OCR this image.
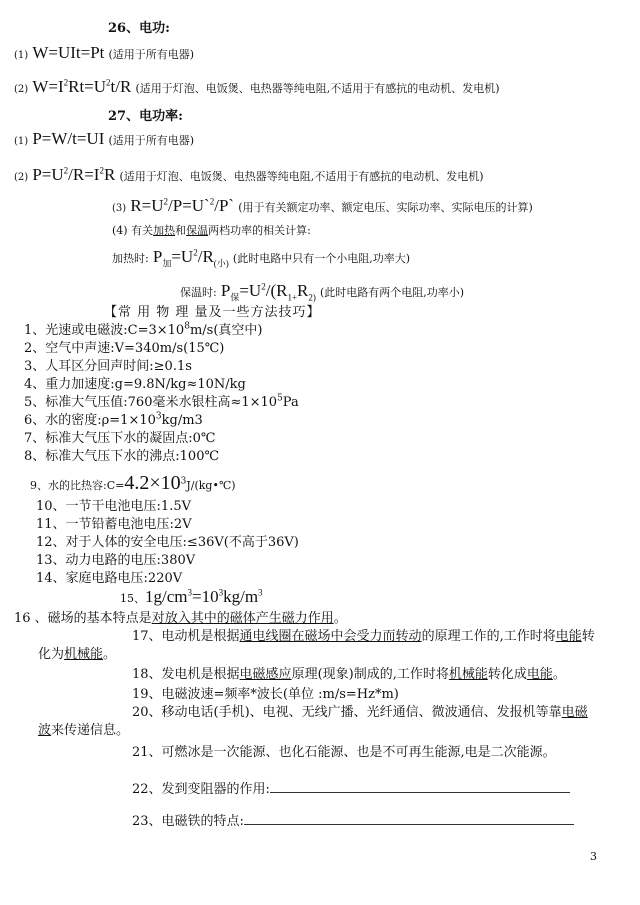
26、电功:
(1) W=UIt=Pt (适用于所有电器)
(2) $W=I^2Rt=U^2t/R$ (适用于灯泡、电饭煲、电热器等纯电阻,不适用于有感抗的电动机、发电机)
27、电功率:
(1) P=W/t=UI (适用于所有电器)
(2) $P=U^2/R=I^2R$ (适用于灯泡、电饭煲、电热器等纯电阻,不适用于有感抗的电动机、发电机)
(3) $R=U^2/P=U`^2/P`$ (用于有关额定功率、额定电压、实际功率、实际电压的计算)
(4) 有关加热和保温两档功率的相关计算:
加热时: $P_加=U^2/R_{(小)}$ (此时电路中只有一个小电阻,功率大)
保温时: $P_保=U^2/(R_{1+}R_{2)}$ (此时电路有两个电阻,功率小)
【常 用 物 理 量及一些方法技巧】
1、光速或电磁波$:C=3\times 10^8m/s$(真空中)
2、空气中声速:V=340m/s(15℃)
3、人耳区分回声时间:≥0.1s
4、重力加速度:g=9.8N/kg≈10N/kg
5、标准大气压值:760毫米水银柱高$\approx 1\times 10^5Pa$
6、水的密度$:\rho=1\times 10^3kg/m3$
7、标准大气压下水的凝固点:0℃
8、标准大气压下水的沸点:100℃
9、水的比热容$:C=4.2\times 10^3J/(kg•℃)$
10、一节干电池电压:1.5V
11、一节铅蓄电池电压:2V
12、对于人体的安全电压:≤36V(不高于36V)
13、动力电路的电压:380V
14、家庭电路电压:220V
15、$1g/cm^3=10^3kg/m^3$
16 、磁场的基本特点是对放入其中的磁体产生磁力作用。
17、电动机是根据通电线圈在磁场中会受力而转动的原理工作的,工作时将电能转
化为机械能。
18、发电机是根据电磁感应原理(现象)制成的,工作时将机械能转化成电能。
19、电磁波速=频率*波长(单位 :m/s=Hz*m)
20、移动电话(手机)、电视、无线广播、光纤通信、微波通信、发报机等靠电磁
波来传递信息。
21、可燃冰是一次能源、也化石能源、也是不可再生能源,电是二次能源。
22、发到变阻器的作用:
23、电磁铁的特点:
3
